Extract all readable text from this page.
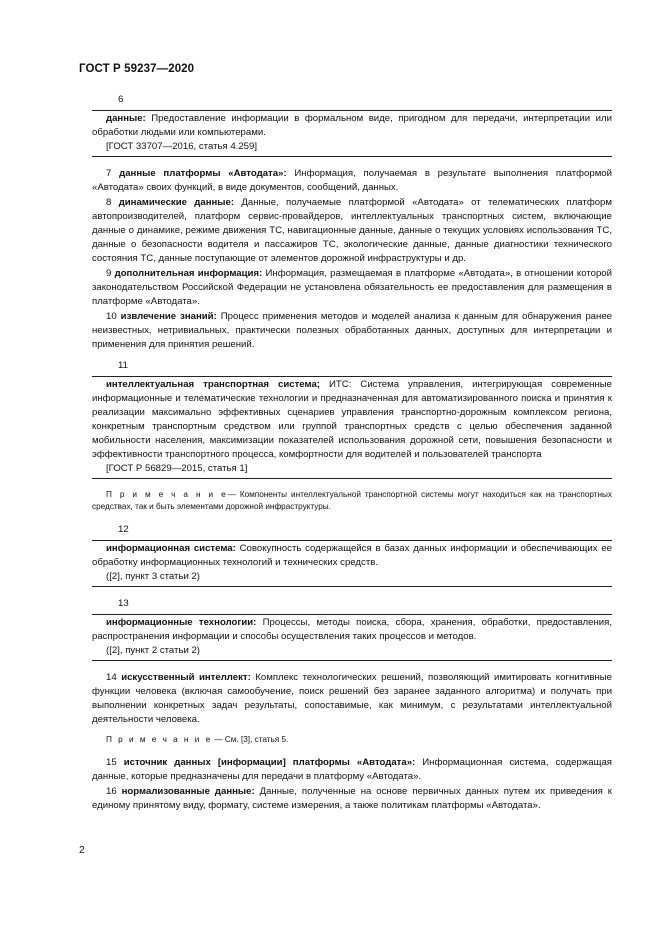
ГОСТ Р 59237—2020
6

данные: Предоставление информации в формальном виде, пригодном для передачи, интерпретации или обработки людьми или компьютерами.

[ГОСТ 33707—2016, статья 4.259]

7 данные платформы «Автодата»: Информация, получаемая в результате выполнения платформой «Автодата» своих функций, в виде документов, сообщений, данных.

8 динамические данные: Данные, получаемые платформой «Автодата» от телематических платформ автопроизводителей, платформ сервис-провайдеров, интеллектуальных транспортных систем, включающие данные о динамике, режиме движения ТС, навигационные данные, данные о текущих условиях использования ТС, данные о безопасности водителя и пассажиров ТС, экологические данные, данные диагностики технического состояния ТС, данные поступающие от элементов дорожной инфраструктуры и др.

9 дополнительная информация: Информация, размещаемая в платформе «Автодата», в отношении которой законодательством Российской Федерации не установлена обязательность ее предоставления для размещения в платформе «Автодата».

10 извлечение знаний: Процесс применения методов и моделей анализа к данным для обнаружения ранее неизвестных, нетривиальных, практически полезных обработанных данных, доступных для интерпретации и применения для принятия решений.

11

интеллектуальная транспортная система; ИТС: Система управления, интегрирующая современные информационные и телематические технологии и предназначенная для автоматизированного поиска и принятия к реализации максимально эффективных сценариев управления транспортно-дорожным комплексом региона, конкретным транспортным средством или группой транспортных средств с целью обеспечения заданной мобильности населения, максимизации показателей использования дорожной сети, повышения безопасности и эффективности транспортного процесса, комфортности для водителей и пользователей транспорта

[ГОСТ Р 56829—2015, статья 1]

П р и м е ч а н и е— Компоненты интеллектуальной транспортной системы могут находиться как на транспортных средствах, так и быть элементами дорожной инфраструктуры.

12

информационная система: Совокупность содержащейся в базах данных информации и обеспечивающих ее обработку информационных технологий и технических средств.

([2], пункт 3 статьи 2)

13

информационные технологии: Процессы, методы поиска, сбора, хранения, обработки, предоставления, распространения информации и способы осуществления таких процессов и методов.

([2], пункт 2 статьи 2)

14 искусственный интеллект: Комплекс технологических решений, позволяющий имитировать когнитивные функции человека (включая самообучение, поиск решений без заранее заданного алгоритма) и получать при выполнении конкретных задач результаты, сопоставимые, как минимум, с результатами интеллектуальной деятельности человека.

П р и м е ч а н и е — См. [3], статья 5.

15 источник данных [информации] платформы «Автодата»: Информационная система, содержащая данные, которые предназначены для передачи в платформу «Автодата».

16 нормализованные данные: Данные, полученные на основе первичных данных путем их приведения к единому принятому виду, формату, системе измерения, а также политикам платформы «Автодата».

2
